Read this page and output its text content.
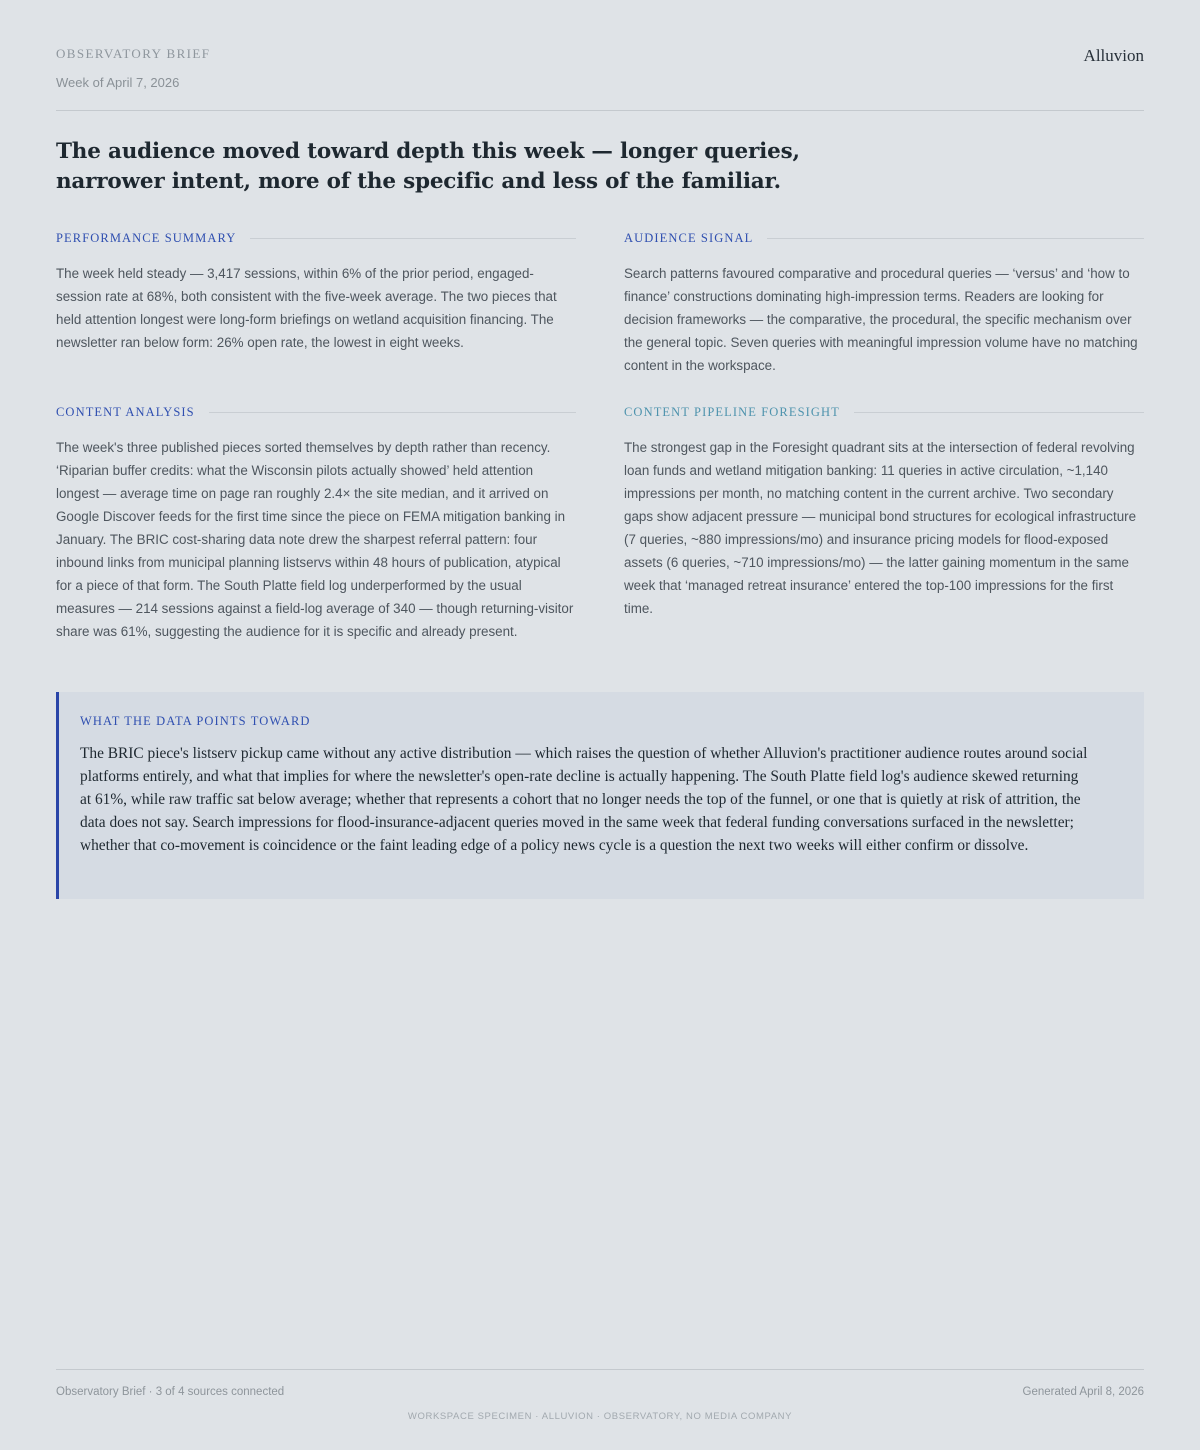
OBSERVATORY BRIEF
Week of April 7, 2026
Alluvion
The audience moved toward depth this week — longer queries, narrower intent, more of the specific and less of the familiar.
PERFORMANCE SUMMARY

The week held steady — 3,417 sessions, within 6% of the prior period, engaged-session rate at 68%, both consistent with the five-week average. The two pieces that held attention longest were long-form briefings on wetland acquisition financing. The newsletter ran below form: 26% open rate, the lowest in eight weeks.

AUDIENCE SIGNAL

Search patterns favoured comparative and procedural queries — ‘versus’ and ‘how to finance’ constructions dominating high-impression terms. Readers are looking for decision frameworks — the comparative, the procedural, the specific mechanism over the general topic. Seven queries with meaningful impression volume have no matching content in the workspace.

CONTENT ANALYSIS

The week's three published pieces sorted themselves by depth rather than recency. ‘Riparian buffer credits: what the Wisconsin pilots actually showed’ held attention longest — average time on page ran roughly 2.4× the site median, and it arrived on Google Discover feeds for the first time since the piece on FEMA mitigation banking in January. The BRIC cost-sharing data note drew the sharpest referral pattern: four inbound links from municipal planning listservs within 48 hours of publication, atypical for a piece of that form. The South Platte field log underperformed by the usual measures — 214 sessions against a field-log average of 340 — though returning-visitor share was 61%, suggesting the audience for it is specific and already present.

CONTENT PIPELINE FORESIGHT

The strongest gap in the Foresight quadrant sits at the intersection of federal revolving loan funds and wetland mitigation banking: 11 queries in active circulation, ~1,140 impressions per month, no matching content in the current archive. Two secondary gaps show adjacent pressure — municipal bond structures for ecological infrastructure (7 queries, ~880 impressions/mo) and insurance pricing models for flood-exposed assets (6 queries, ~710 impressions/mo) — the latter gaining momentum in the same week that ‘managed retreat insurance’ entered the top-100 impressions for the first time.

WHAT THE DATA POINTS TOWARD

The BRIC piece's listserv pickup came without any active distribution — which raises the question of whether Alluvion's practitioner audience routes around social platforms entirely, and what that implies for where the newsletter's open-rate decline is actually happening. The South Platte field log's audience skewed returning at 61%, while raw traffic sat below average; whether that represents a cohort that no longer needs the top of the funnel, or one that is quietly at risk of attrition, the data does not say. Search impressions for flood-insurance-adjacent queries moved in the same week that federal funding conversations surfaced in the newsletter; whether that co-movement is coincidence or the faint leading edge of a policy news cycle is a question the next two weeks will either confirm or dissolve.

Observatory Brief · 3 of 4 sources connected	Generated April 8, 2026
WORKSPACE SPECIMEN · ALLUVION · OBSERVATORY, NO MEDIA COMPANY
